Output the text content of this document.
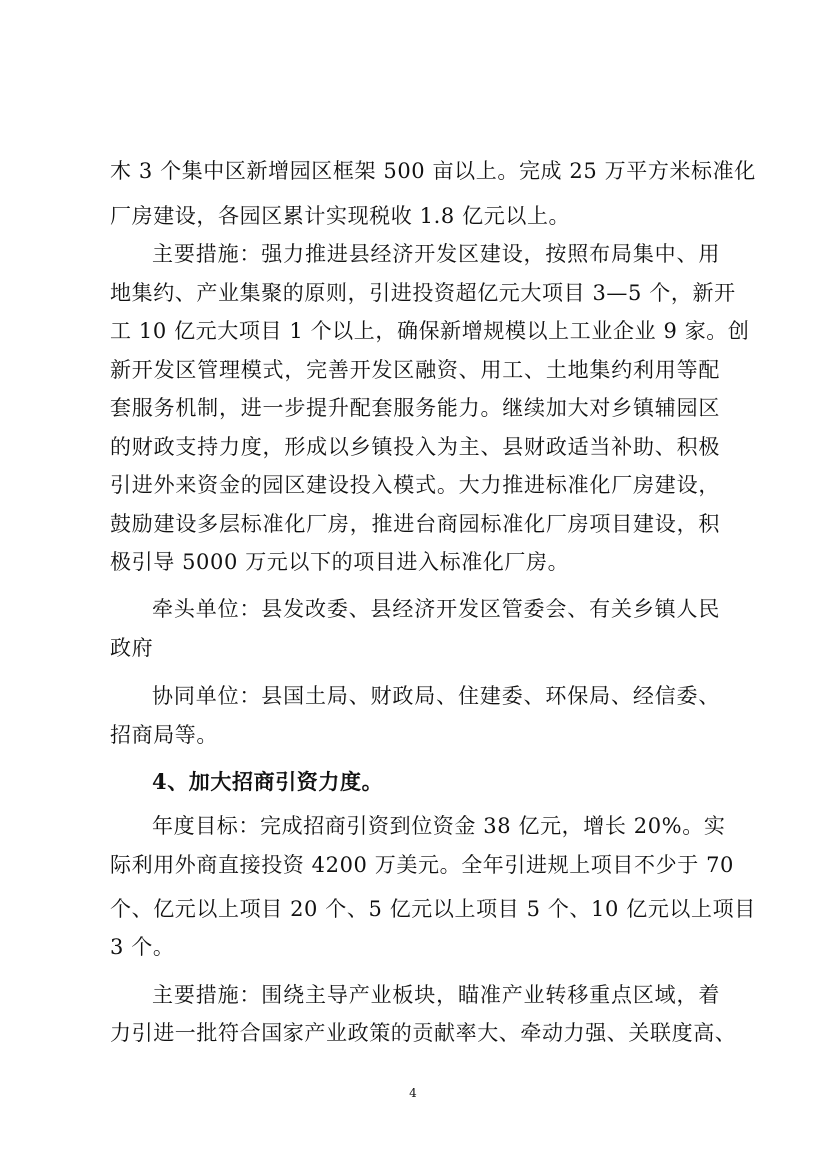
木 3 个集中区新增园区框架 500 亩以上。完成 25 万平方米标准化
厂房建设，各园区累计实现税收 1.8 亿元以上。
主要措施：强力推进县经济开发区建设，按照布局集中、用
地集约、产业集聚的原则，引进投资超亿元大项目 3—5 个，新开
工 10 亿元大项目 1 个以上，确保新增规模以上工业企业 9 家。创
新开发区管理模式，完善开发区融资、用工、土地集约利用等配
套服务机制，进一步提升配套服务能力。继续加大对乡镇辅园区
的财政支持力度，形成以乡镇投入为主、县财政适当补助、积极
引进外来资金的园区建设投入模式。大力推进标准化厂房建设，
鼓励建设多层标准化厂房，推进台商园标准化厂房项目建设，积
极引导 5000 万元以下的项目进入标准化厂房。
牵头单位：县发改委、县经济开发区管委会、有关乡镇人民
政府
协同单位：县国土局、财政局、住建委、环保局、经信委、
招商局等。
4、加大招商引资力度。
年度目标：完成招商引资到位资金 38 亿元，增长 20%。实
际利用外商直接投资 4200 万美元。全年引进规上项目不少于 70
个、亿元以上项目 20 个、5 亿元以上项目 5 个、10 亿元以上项目
3 个。
主要措施：围绕主导产业板块，瞄准产业转移重点区域，着
力引进一批符合国家产业政策的贡献率大、牵动力强、关联度高、
4
